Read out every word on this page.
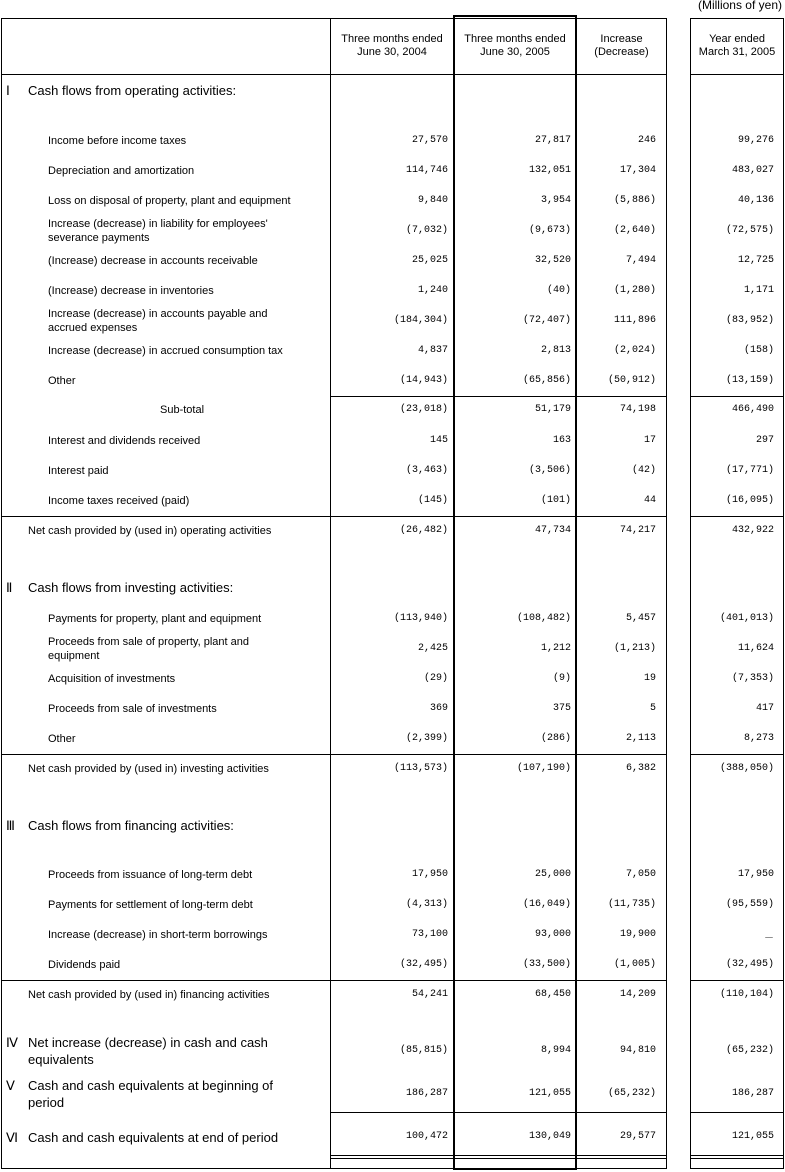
(Millions of yen)
Three months ended
June 30, 2004
Three months ended
June 30, 2005
Increase
(Decrease)
Year ended
March 31, 2005
Ⅰ Cash flows from operating activities:
Income before income taxes	27,570	27,817	246	99,276
Depreciation and amortization	114,746	132,051	17,304	483,027
Loss on disposal of property, plant and equipment	9,840	3,954	(5,886)	40,136
Increase (decrease) in liability for employees'
severance payments
(7,032)	(9,673)	(2,640)	(72,575)
(Increase) decrease in accounts receivable	25,025	32,520	7,494	12,725
(Increase) decrease in inventories	1,240	(40)	(1,280)	1,171
Increase (decrease) in accounts payable and
accrued expenses
(184,304)	(72,407)	111,896	(83,952)
Increase (decrease) in accrued consumption tax	4,837	2,813	(2,024)	(158)
Other	(14,943)	(65,856)	(50,912)	(13,159)
Sub-total	(23,018)	51,179	74,198	466,490
Interest and dividends received	145	163	17	297
Interest paid	(3,463)	(3,506)	(42)	(17,771)
Income taxes received (paid)	(145)	(101)	44	(16,095)
Net cash provided by (used in) operating activities	(26,482)	47,734	74,217	432,922
Ⅱ Cash flows from investing activities:
Payments for property, plant and equipment	(113,940)	(108,482)	5,457	(401,013)
Proceeds from sale of property, plant and
equipment
2,425	1,212	(1,213)	11,624
Acquisition of investments	(29)	(9)	19	(7,353)
Proceeds from sale of investments	369	375	5	417
Other	(2,399)	(286)	2,113	8,273
Net cash provided by (used in) investing activities	(113,573)	(107,190)	6,382	(388,050)
Ⅲ Cash flows from financing activities:
Proceeds from issuance of long-term debt	17,950	25,000	7,050	17,950
Payments for settlement of long-term debt	(4,313)	(16,049)	(11,735)	(95,559)
Increase (decrease) in short-term borrowings	73,100	93,000	19,900	－
Dividends paid	(32,495)	(33,500)	(1,005)	(32,495)
Net cash provided by (used in) financing activities	54,241	68,450	14,209	(110,104)
Ⅳ Net increase (decrease) in cash and cash
equivalents
(85,815)	8,994	94,810	(65,232)
Ⅴ Cash and cash equivalents at beginning of
period
186,287	121,055	(65,232)	186,287
Ⅵ Cash and cash equivalents at end of period	100,472	130,049	29,577	121,055
